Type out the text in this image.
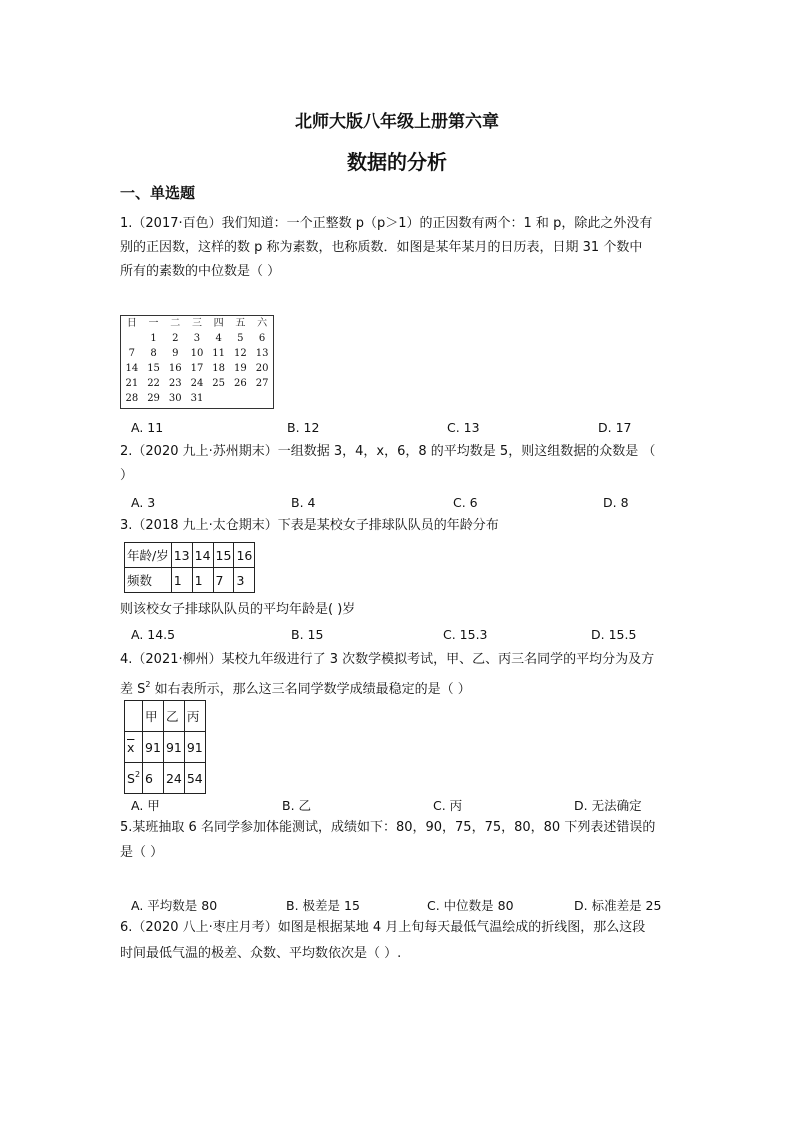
北师大版八年级上册第六章
数据的分析
一、单选题
1.（2017·百色）我们知道：一个正整数 p（p＞1）的正因数有两个：1 和 p，除此之外没有
别的正因数，这样的数 p 称为素数，也称质数．如图是某年某月的日历表，日期 31 个数中
所有的素数的中位数是（ ）
日	一	二	三	四	五	六
	1	2	3	4	5	6
7	8	9	10	11	12	13
14	15	16	17	18	19	20
21	22	23	24	25	26	27
28	29	30	31			
A. 11	B. 12	C. 13	D. 17
2.（2020 九上·苏州期末）一组数据 3，4，x，6，8 的平均数是 5，则这组数据的众数是 （
）
A. 3	B. 4	C. 6	D. 8
3.（2018 九上·太仓期末）下表是某校女子排球队队员的年龄分布
年龄/岁	13	14	15	16
频数	1	1	7	3
则该校女子排球队队员的平均年龄是( )岁
A. 14.5	B. 15	C. 15.3	D. 15.5
4.（2021·柳州）某校九年级进行了 3 次数学模拟考试，甲、乙、丙三名同学的平均分为及方
差 $S^2$ 如右表所示，那么这三名同学数学成绩最稳定的是（ ）
	甲	乙	丙
$\overline{x}$	91	91	91
$S^2$	6	24	54
A. 甲	B. 乙	C. 丙	D. 无法确定
5.某班抽取 6 名同学参加体能测试，成绩如下：80，90，75，75，80，80 下列表述错误的
是（ ）
A. 平均数是 80	B. 极差是 15	C. 中位数是 80	D. 标准差是 25
6.（2020 八上·枣庄月考）如图是根据某地 4 月上旬每天最低气温绘成的折线图，那么这段
时间最低气温的极差、众数、平均数依次是（ ）.
